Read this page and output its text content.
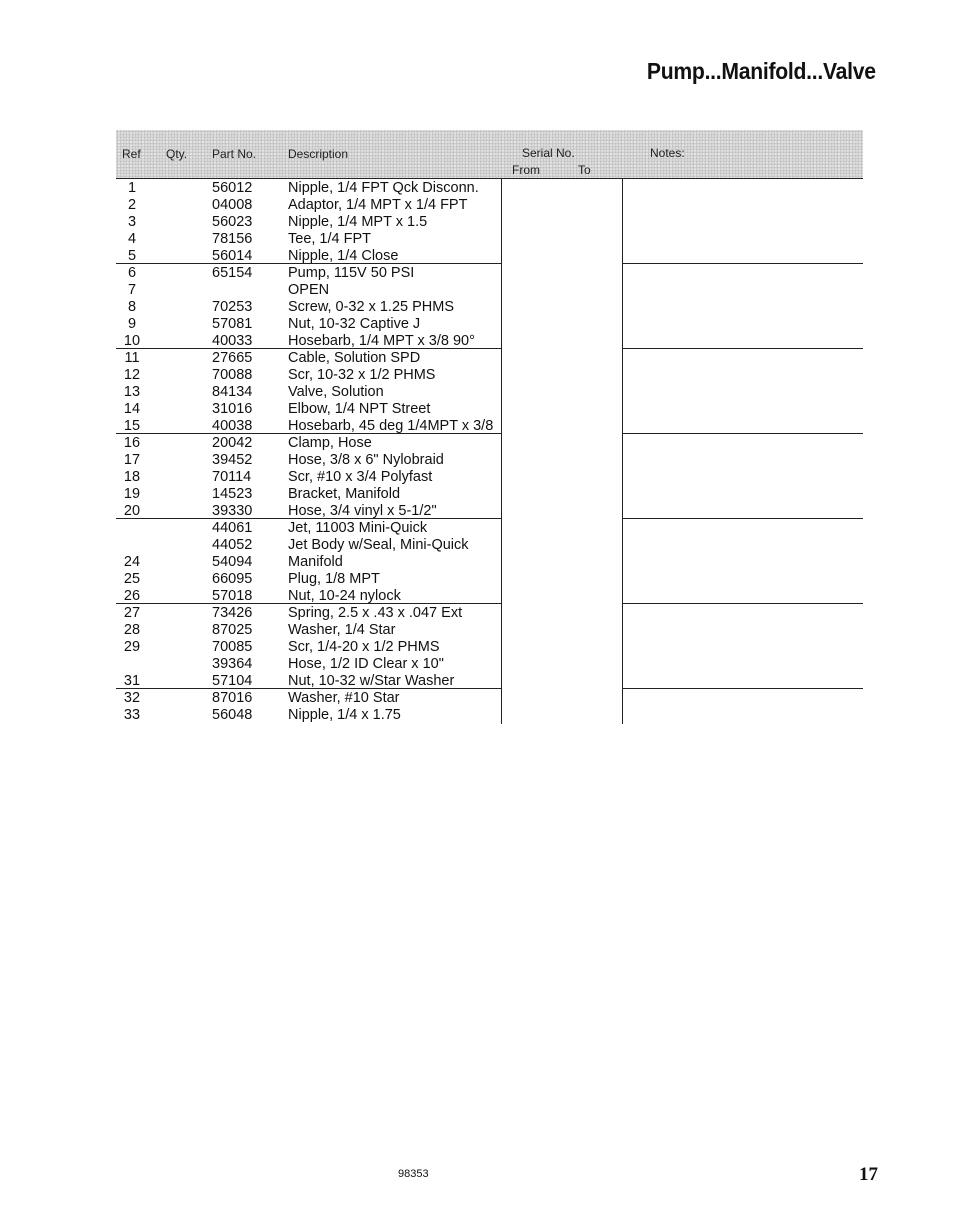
Pump...Manifold...Valve
Ref Qty. Part No.	Description	Serial No.
From	To
Notes:
1	56012 Nipple, 1/4 FPT Qck Disconn.
2	04008 Adaptor, 1/4 MPT x 1/4 FPT
3	56023 Nipple, 1/4 MPT x 1.5
4	78156 Tee, 1/4 FPT
5	56014 Nipple, 1/4 Close
6	65154 Pump, 115V 50 PSI
7	OPEN
8	70253 Screw, 0-32 x 1.25 PHMS
9	57081 Nut, 10-32 Captive J
10	40033 Hosebarb, 1/4 MPT x 3/8 90°
11	27665 Cable, Solution SPD
12	70088 Scr, 10-32 x 1/2 PHMS
13	84134 Valve, Solution
14	31016 Elbow, 1/4 NPT Street
15	40038 Hosebarb, 45 deg 1/4MPT x 3/8
16	20042 Clamp, Hose
17	39452 Hose, 3/8 x 6" Nylobraid
18	70114	Scr, #10 x 3/4 Polyfast
19	14523 Bracket, Manifold
20	39330 Hose, 3/4 vinyl x 5-1/2"
44061 Jet, 11003 Mini-Quick
44052 Jet Body w/Seal, Mini-Quick
24	54094 Manifold
25	66095 Plug, 1/8 MPT
26	57018 Nut, 10-24 nylock
27	73426 Spring, 2.5 x .43 x .047 Ext
28	87025 Washer, 1/4 Star
29	70085 Scr, 1/4-20 x 1/2 PHMS
39364 Hose, 1/2 ID Clear x 10"
31	57104 Nut, 10-32 w/Star Washer
32	87016 Washer, #10 Star
33	56048 Nipple, 1/4 x 1.75
98353	17
